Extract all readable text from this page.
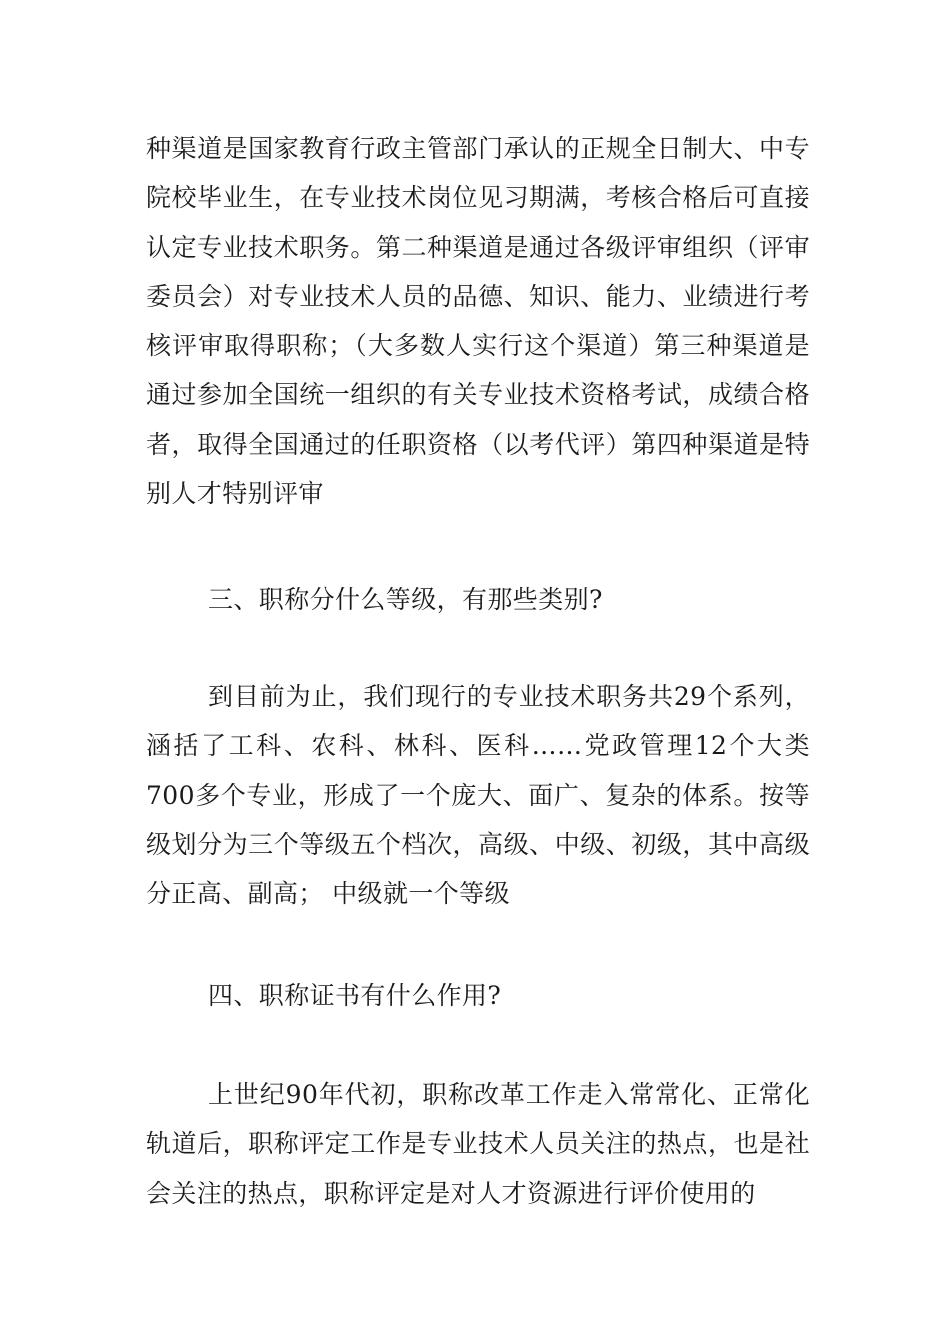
种渠道是国家教育行政主管部门承认的正规全日制大、中专院校毕业生，在专业技术岗位见习期满，考核合格后可直接认定专业技术职务。第二种渠道是通过各级评审组织（评审委员会）对专业技术人员的品德、知识、能力、业绩进行考核评审取得职称；（大多数人实行这个渠道）第三种渠道是通过参加全国统一组织的有关专业技术资格考试，成绩合格者，取得全国通过的任职资格（以考代评）第四种渠道是特别人才特别评审

三、职称分什么等级，有那些类别?

到目前为止，我们现行的专业技术职务共29个系列，涵括了工科、农科、林科、医科……党政管理12个大类700多个专业，形成了一个庞大、面广、复杂的体系。按等级划分为三个等级五个档次，高级、中级、初级，其中高级分正高、副高； 中级就一个等级

四、职称证书有什么作用?

上世纪90年代初，职称改革工作走入常常化、正常化轨道后，职称评定工作是专业技术人员关注的热点，也是社会关注的热点，职称评定是对人才资源进行评价使用的
